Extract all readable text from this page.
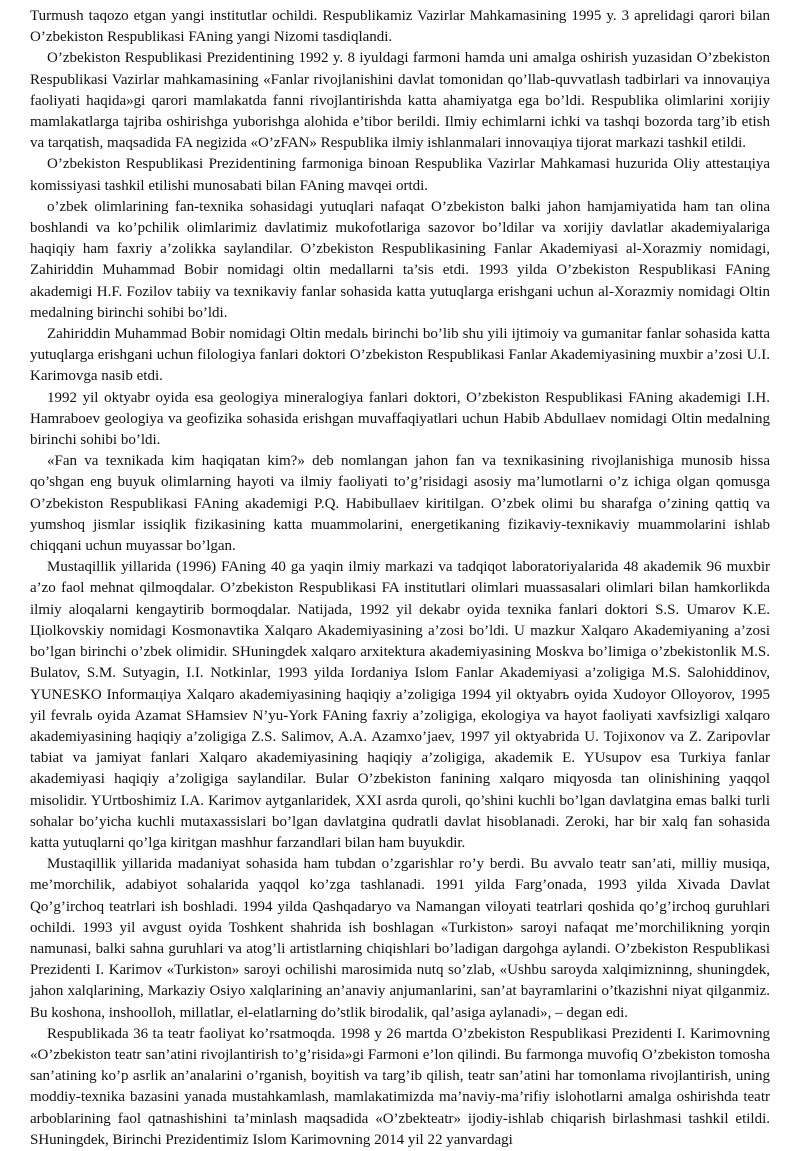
Turmush taqozo etgan yangi institutlar ochildi. Respublikamiz Vazirlar Mahkamasining 1995 y. 3 aprelidagi qarori bilan O’zbekiston Respublikasi FAning yangi Nizomi tasdiqlandi.

O’zbekiston Respublikasi Prezidentining 1992 y. 8 iyuldagi farmoni hamda uni amalga oshirish yuzasidan O’zbekiston Respublikasi Vazirlar mahkamasining «Fanlar rivojlanishini davlat tomonidan qo’llab-quvvatlash tadbirlari va innovaцiya faoliyati haqida»gi qarori mamlakatda fanni rivojlantirishda katta ahamiyatga ega bo’ldi. Respublika olimlarini xorijiy mamlakatlarga tajriba oshirishga yuborishga alohida e’tibor berildi. Ilmiy echimlarni ichki va tashqi bozorda targ’ib etish va tarqatish, maqsadida FA negizida «O’zFAN» Respublika ilmiy ishlanmalari innovaцiya tijorat markazi tashkil etildi.

O’zbekiston Respublikasi Prezidentining farmoniga binoan Respublika Vazirlar Mahkamasi huzurida Oliy attestaцiya komissiyasi tashkil etilishi munosabati bilan FAning mavqei ortdi.

o’zbek olimlarining fan-texnika sohasidagi yutuqlari nafaqat O’zbekiston balki jahon hamjamiyatida ham tan olina boshlandi va ko’pchilik olimlarimiz davlatimiz mukofotlariga sazovor bo’ldilar va xorijiy davlatlar akademiyalariga haqiqiy ham faxriy a’zolikka saylandilar. O’zbekiston Respublikasining Fanlar Akademiyasi al-Xorazmiy nomidagi, Zahiriddin Muhammad Bobir nomidagi oltin medallarni ta’sis etdi. 1993 yilda O’zbekiston Respublikasi FAning akademigi H.F. Fozilov tabiiy va texnikaviy fanlar sohasida katta yutuqlarga erishgani uchun al-Xorazmiy nomidagi Oltin medalning birinchi sohibi bo’ldi.

Zahiriddin Muhammad Bobir nomidagi Oltin medalь birinchi bo’lib shu yili ijtimoiy va gumanitar fanlar sohasida katta yutuqlarga erishgani uchun filologiya fanlari doktori O’zbekiston Respublikasi Fanlar Akademiyasining muxbir a’zosi U.I. Karimovga nasib etdi.

1992 yil oktyabr oyida esa geologiya mineralogiya fanlari doktori, O’zbekiston Respublikasi FAning akademigi I.H. Hamraboev geologiya va geofizika sohasida erishgan muvaffaqiyatlari uchun Habib Abdullaev nomidagi Oltin medalning birinchi sohibi bo’ldi.

«Fan va texnikada kim haqiqatan kim?» deb nomlangan jahon fan va texnikasining rivojlanishiga munosib hissa qo’shgan eng buyuk olimlarning hayoti va ilmiy faoliyati to’g’risidagi asosiy ma’lumotlarni o’z ichiga olgan qomusga O’zbekiston Respublikasi FAning akademigi P.Q. Habibullaev kiritilgan. O’zbek olimi bu sharafga o’zining qattiq va yumshoq jismlar issiqlik fizikasining katta muammolarini, energetikaning fizikaviy-texnikaviy muammolarini ishlab chiqqani uchun muyassar bo’lgan.

Mustaqillik yillarida (1996) FAning 40 ga yaqin ilmiy markazi va tadqiqot laboratoriyalarida 48 akademik 96 muxbir a’zo faol mehnat qilmoqdalar. O’zbekiston Respublikasi FA institutlari olimlari muassasalari olimlari bilan hamkorlikda ilmiy aloqalarni kengaytirib bormoqdalar. Natijada, 1992 yil dekabr oyida texnika fanlari doktori S.S. Umarov K.E. Цiolkovskiy nomidagi Kosmonavtika Xalqaro Akademiyasining a’zosi bo’ldi. U mazkur Xalqaro Akademiyaning a’zosi bo’lgan birinchi o’zbek olimidir. SHuningdek xalqaro arxitektura akademiyasining Moskva bo’limiga o’zbekistonlik M.S. Bulatov, S.M. Sutyagin, I.I. Notkinlar, 1993 yilda Iordaniya Islom Fanlar Akademiyasi a’zoligiga M.S. Salohiddinov, YUNESKO Informaцiya Xalqaro akademiyasining haqiqiy a’zoligiga 1994 yil oktyabrь oyida Xudoyor Olloyorov, 1995 yil fevralь oyida Azamat SHamsiev N’yu-York FAning faxriy a’zoligiga, ekologiya va hayot faoliyati xavfsizligi xalqaro akademiyasining haqiqiy a’zoligiga Z.S. Salimov, A.A. Azamxo’jaev, 1997 yil oktyabrida U. Tojixonov va Z. Zaripovlar tabiat va jamiyat fanlari Xalqaro akademiyasining haqiqiy a’zoligiga, akademik E. YUsupov esa Turkiya fanlar akademiyasi haqiqiy a’zoligiga saylandilar. Bular O’zbekiston fanining xalqaro miqyosda tan olinishining yaqqol misolidir. YUrtboshimiz I.A. Karimov aytganlaridek, XXI asrda quroli, qo’shini kuchli bo’lgan davlatgina emas balki turli sohalar bo’yicha kuchli mutaxassislari bo’lgan davlatgina qudratli davlat hisoblanadi. Zeroki, har bir xalq fan sohasida katta yutuqlarni qo’lga kiritgan mashhur farzandlari bilan ham buyukdir.

Mustaqillik yillarida madaniyat sohasida ham tubdan o’zgarishlar ro’y berdi. Bu avvalo teatr san’ati, milliy musiqa, me’morchilik, adabiyot sohalarida yaqqol ko’zga tashlanadi. 1991 yilda Farg’onada, 1993 yilda Xivada Davlat Qo’g’irchoq teatrlari ish boshladi. 1994 yilda Qashqadaryo va Namangan viloyati teatrlari qoshida qo’g’irchoq guruhlari ochildi. 1993 yil avgust oyida Toshkent shahrida ish boshlagan «Turkiston» saroyi nafaqat me’morchilikning yorqin namunasi, balki sahna guruhlari va atog’li artistlarning chiqishlari bo’ladigan dargohga aylandi. O’zbekiston Respublikasi Prezidenti I. Karimov «Turkiston» saroyi ochilishi marosimida nutq so’zlab, «Ushbu saroyda xalqimizninng, shuningdek, jahon xalqlarining, Markaziy Osiyo xalqlarining an’anaviy anjumanlarini, san’at bayramlarini o’tkazishni niyat qilganmiz. Bu koshona, inshoolloh, millatlar, el-elatlarning do’stlik birodalik, qal’asiga aylanadi», – degan edi.

Respublikada 36 ta teatr faoliyat ko’rsatmoqda. 1998 y 26 martda O’zbekiston Respublikasi Prezidenti I. Karimovning «O’zbekiston teatr san’atini rivojlantirish to’g’risida»gi Farmoni e’lon qilindi. Bu farmonga muvofiq O’zbekiston tomosha san’atining ko’p asrlik an’analarini o’rganish, boyitish va targ’ib qilish, teatr san’atini har tomonlama rivojlantirish, uning moddiy-texnika bazasini yanada mustahkamlash, mamlakatimizda ma’naviy-ma’rifiy islohotlarni amalga oshirishda teatr arboblarining faol qatnashishini ta’minlash maqsadida «O’zbekteatr» ijodiy-ishlab chiqarish birlashmasi tashkil etildi. SHuningdek, Birinchi Prezidentimiz Islom Karimovning 2014 yil 22 yanvardagi
